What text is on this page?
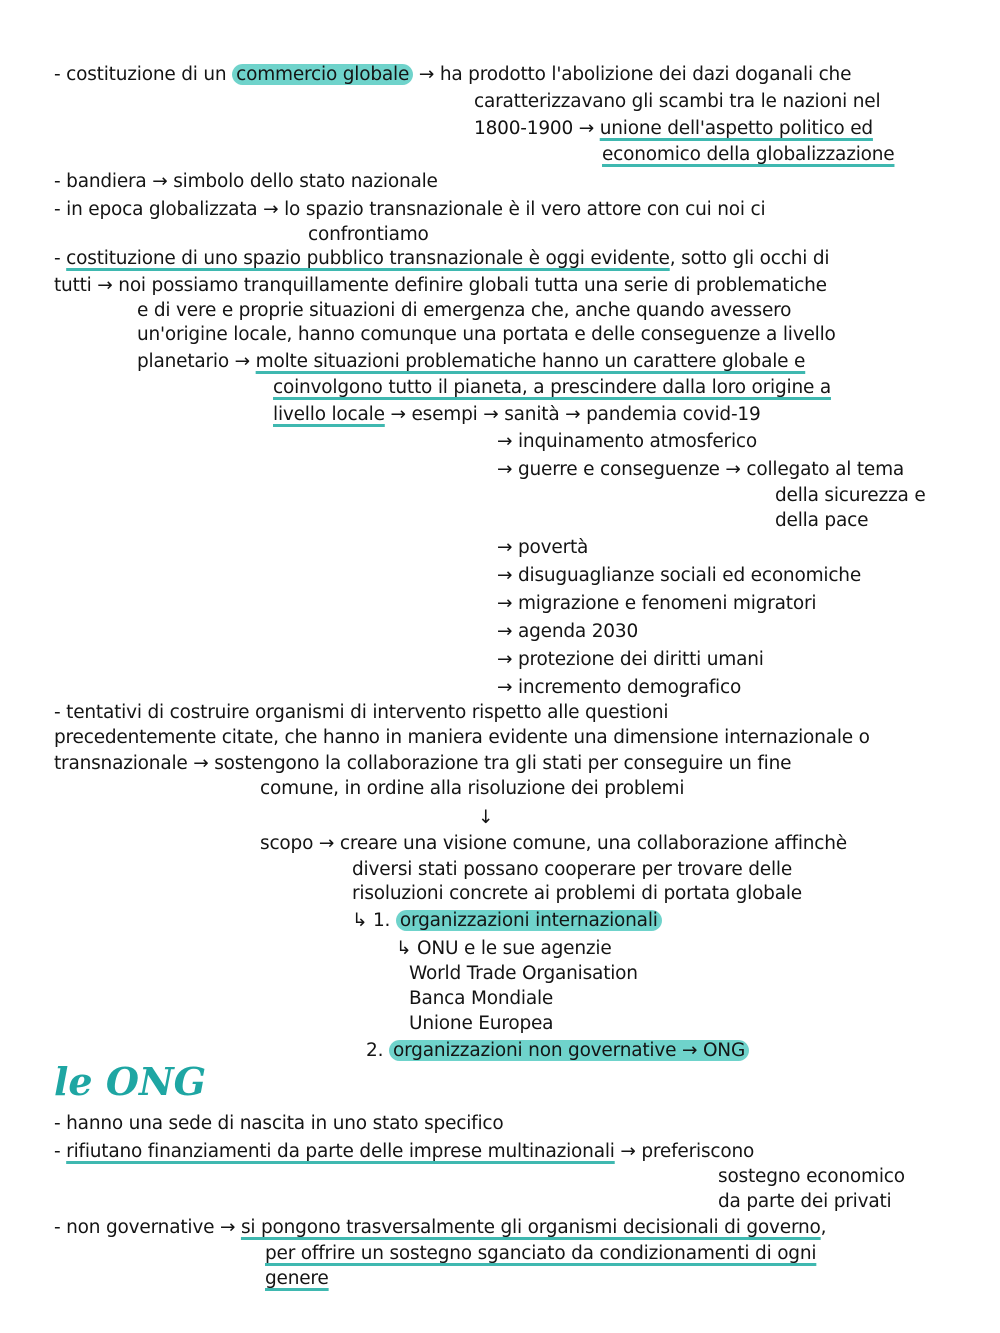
- costituzione di un commercio globale → ha prodotto l'abolizione dei dazi doganali che
caratterizzavano gli scambi tra le nazioni nel
1800-1900 → unione dell'aspetto politico ed
economico della globalizzazione
- bandiera → simbolo dello stato nazionale
- in epoca globalizzata → lo spazio transnazionale è il vero attore con cui noi ci
confrontiamo
- costituzione di uno spazio pubblico transnazionale è oggi evidente, sotto gli occhi di
tutti → noi possiamo tranquillamente definire globali tutta una serie di problematiche
e di vere e proprie situazioni di emergenza che, anche quando avessero
un'origine locale, hanno comunque una portata e delle conseguenze a livello
planetario → molte situazioni problematiche hanno un carattere globale e
coinvolgono tutto il pianeta, a prescindere dalla loro origine a
livello locale → esempi → sanità → pandemia covid-19
→ inquinamento atmosferico
→ guerre e conseguenze → collegato al tema
della sicurezza e
della pace
→ povertà
→ disuguaglianze sociali ed economiche
→ migrazione e fenomeni migratori
→ agenda 2030
→ protezione dei diritti umani
→ incremento demografico
- tentativi di costruire organismi di intervento rispetto alle questioni
precedentemente citate, che hanno in maniera evidente una dimensione internazionale o
transnazionale → sostengono la collaborazione tra gli stati per conseguire un fine
comune, in ordine alla risoluzione dei problemi
↓
scopo → creare una visione comune, una collaborazione affinchè
diversi stati possano cooperare per trovare delle
risoluzioni concrete ai problemi di portata globale
↳ 1. organizzazioni internazionali
↳ ONU e le sue agenzie
World Trade Organisation
Banca Mondiale
Unione Europea
2. organizzazioni non governative → ONG
le ONG
- hanno una sede di nascita in uno stato specifico
- rifiutano finanziamenti da parte delle imprese multinazionali → preferiscono
sostegno economico
da parte dei privati
- non governative → si pongono trasversalmente gli organismi decisionali di governo,
per offrire un sostegno sganciato da condizionamenti di ogni
genere
